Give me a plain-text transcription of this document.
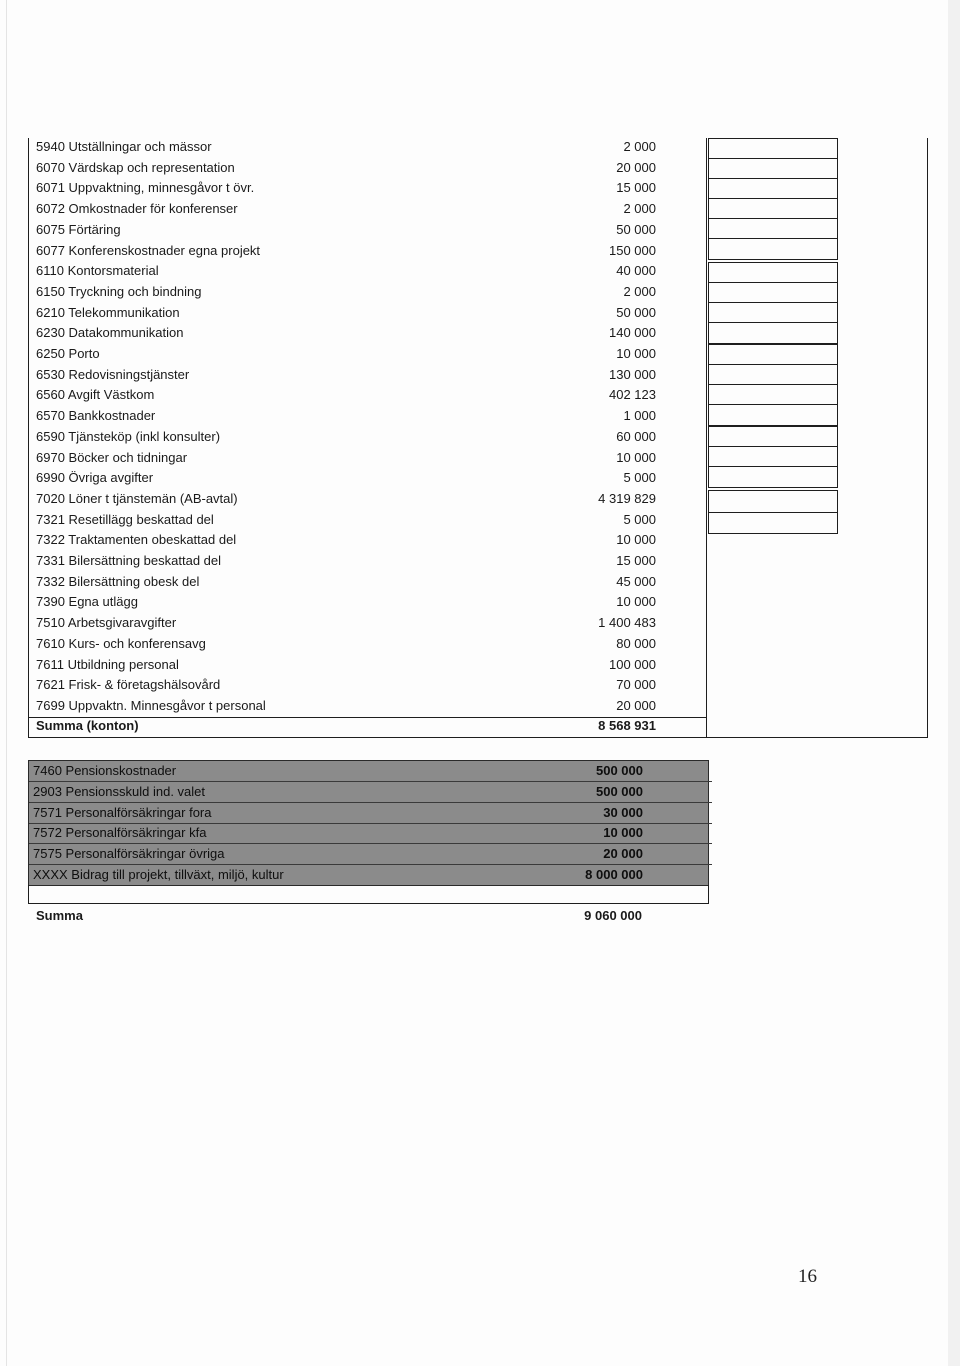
5940 Utställningar och mässor	2 000
6070 Värdskap och representation	20 000
6071 Uppvaktning, minnesgåvor t övr.	15 000
6072 Omkostnader för konferenser	2 000
6075 Förtäring	50 000
6077 Konferenskostnader egna projekt	150 000
6110 Kontorsmaterial	40 000
6150 Tryckning och bindning	2 000
6210 Telekommunikation	50 000
6230 Datakommunikation	140 000
6250 Porto	10 000
6530 Redovisningstjänster	130 000
6560 Avgift Västkom	402 123
6570 Bankkostnader	1 000
6590 Tjänsteköp (inkl konsulter)	60 000
6970 Böcker och tidningar	10 000
6990 Övriga avgifter	5 000
7020 Löner t tjänstemän (AB-avtal)	4 319 829
7321 Resetillägg beskattad del	5 000
7322 Traktamenten obeskattad del	10 000
7331 Bilersättning beskattad del	15 000
7332 Bilersättning obesk del	45 000
7390 Egna utlägg	10 000
7510 Arbetsgivaravgifter	1 400 483
7610 Kurs- och konferensavg	80 000
7611 Utbildning personal	100 000
7621 Frisk- & företagshälsovård	70 000
7699 Uppvaktn. Minnesgåvor t personal	20 000
Summa (konton)	8 568 931
7460 Pensionskostnader	500 000
2903 Pensionsskuld ind. valet	500 000
7571 Personalförsäkringar fora	30 000
7572 Personalförsäkringar kfa	10 000
7575 Personalförsäkringar övriga	20 000
XXXX Bidrag till projekt, tillväxt, miljö, kultur	8 000 000
Summa	9 060 000
16
